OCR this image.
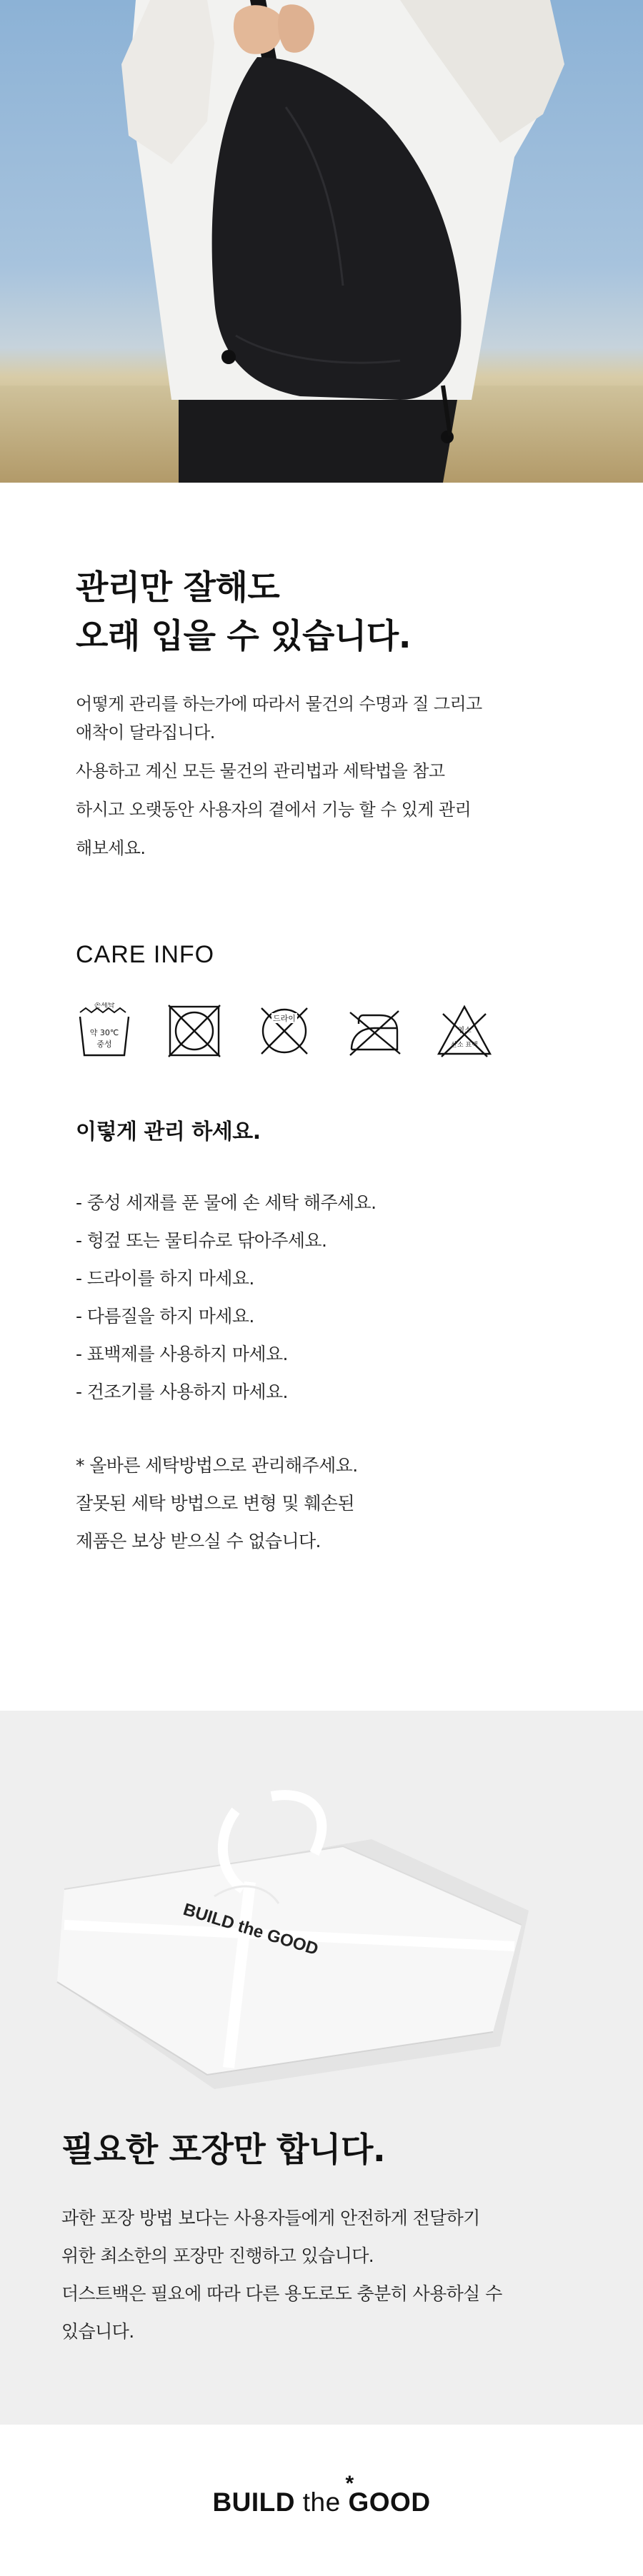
관리만 잘해도
오래 입을 수 있습니다.

어떻게 관리를 하는가에 따라서 물건의 수명과 질 그리고

애착이 달라집니다.

사용하고 계신 모든 물건의 관리법과 세탁법을 참고

하시고 오랫동안 사용자의 곁에서 기능 할 수 있게 관리

해보세요.

CARE INFO
손세탁
약 30℃
중성
드라이
염소
산소 표백
이렇게 관리 하세요.
- 중성 세재를 푼 물에 손 세탁 해주세요.
- 헝겊 또는 물티슈로 닦아주세요.
- 드라이를 하지 마세요.
- 다름질을 하지 마세요.
- 표백제를 사용하지 마세요.
- 건조기를 사용하지 마세요.
* 올바른 세탁방법으로 관리해주세요.
잘못된 세탁 방법으로 변형 및 훼손된
제품은 보상 받으실 수 없습니다.
BUILD the GOOD
필요한 포장만 합니다.
과한 포장 방법 보다는 사용자들에게 안전하게 전달하기
위한 최소한의 포장만 진행하고 있습니다.
더스트백은 필요에 따라 다른 용도로도 충분히 사용하실 수
있습니다.
BUILD the * GOOD
